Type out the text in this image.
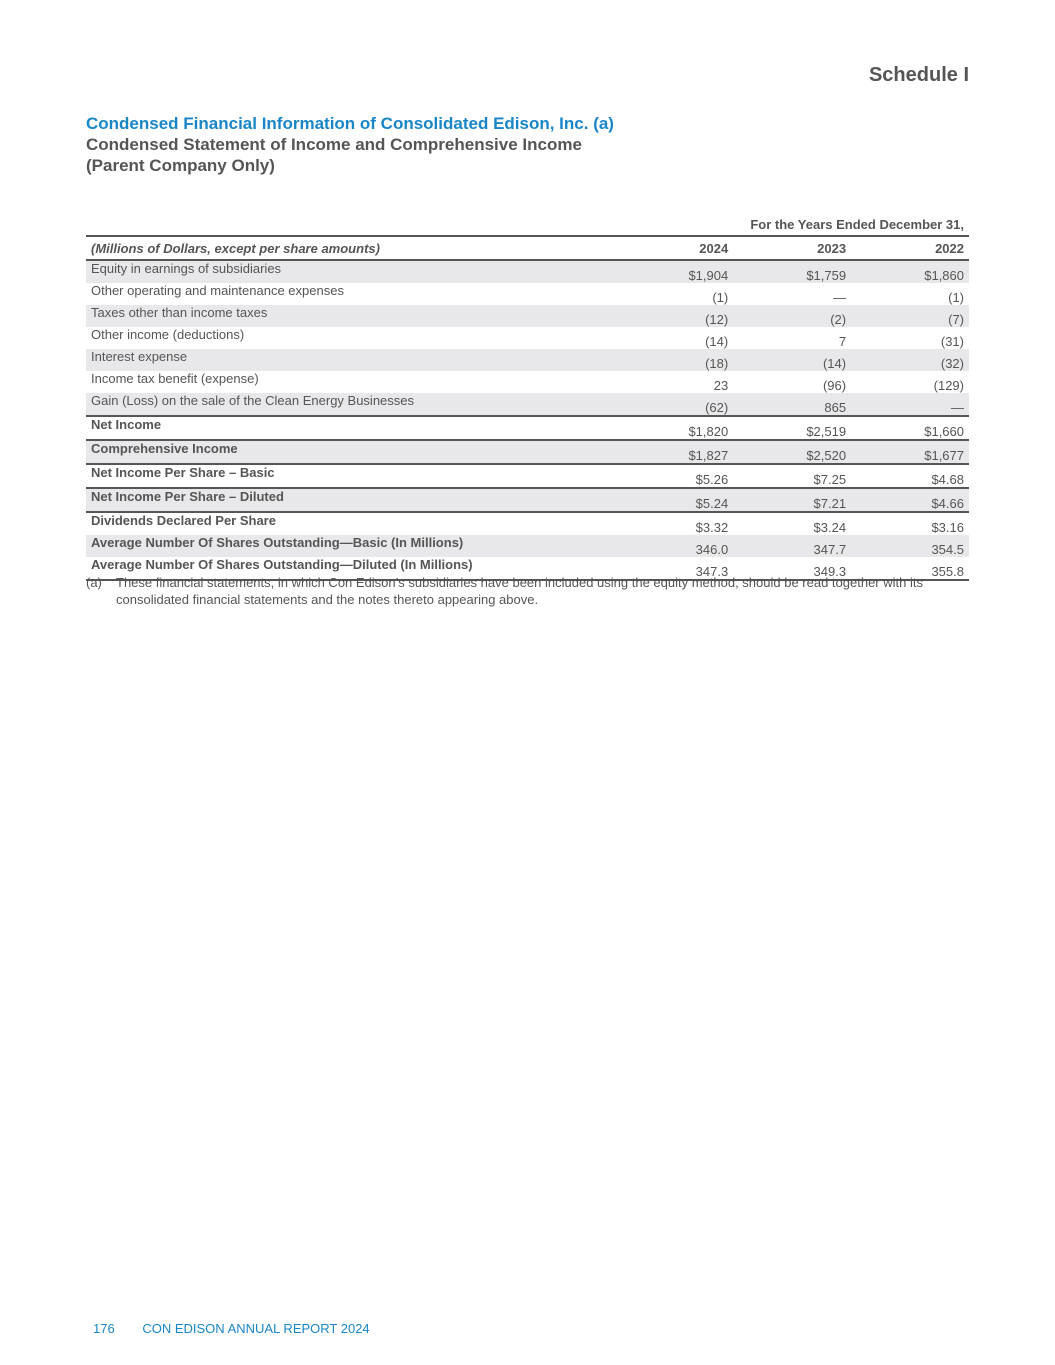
Schedule I
Condensed Financial Information of Consolidated Edison, Inc. (a)
Condensed Statement of Income and Comprehensive Income
(Parent Company Only)
	For the Years Ended December 31,		
(Millions of Dollars, except per share amounts)	2024	2023	2022
Equity in earnings of subsidiaries	$1,904	$1,759	$1,860
Other operating and maintenance expenses	(1)	—	(1)
Taxes other than income taxes	(12)	(2)	(7)
Other income (deductions)	(14)	7	(31)
Interest expense	(18)	(14)	(32)
Income tax benefit (expense)	23	(96)	(129)
Gain (Loss) on the sale of the Clean Energy Businesses	(62)	865	—
Net Income	$1,820	$2,519	$1,660
Comprehensive Income	$1,827	$2,520	$1,677
Net Income Per Share – Basic	$5.26	$7.25	$4.68
Net Income Per Share – Diluted	$5.24	$7.21	$4.66
Dividends Declared Per Share	$3.32	$3.24	$3.16
Average Number Of Shares Outstanding—Basic (In Millions)	346.0	347.7	354.5
Average Number Of Shares Outstanding—Diluted (In Millions)	347.3	349.3	355.8
(a)	These financial statements, in which Con Edison’s subsidiaries have been included using the equity method, should be read together with its consolidated financial statements and the notes thereto appearing above.
176 CON EDISON ANNUAL REPORT 2024
